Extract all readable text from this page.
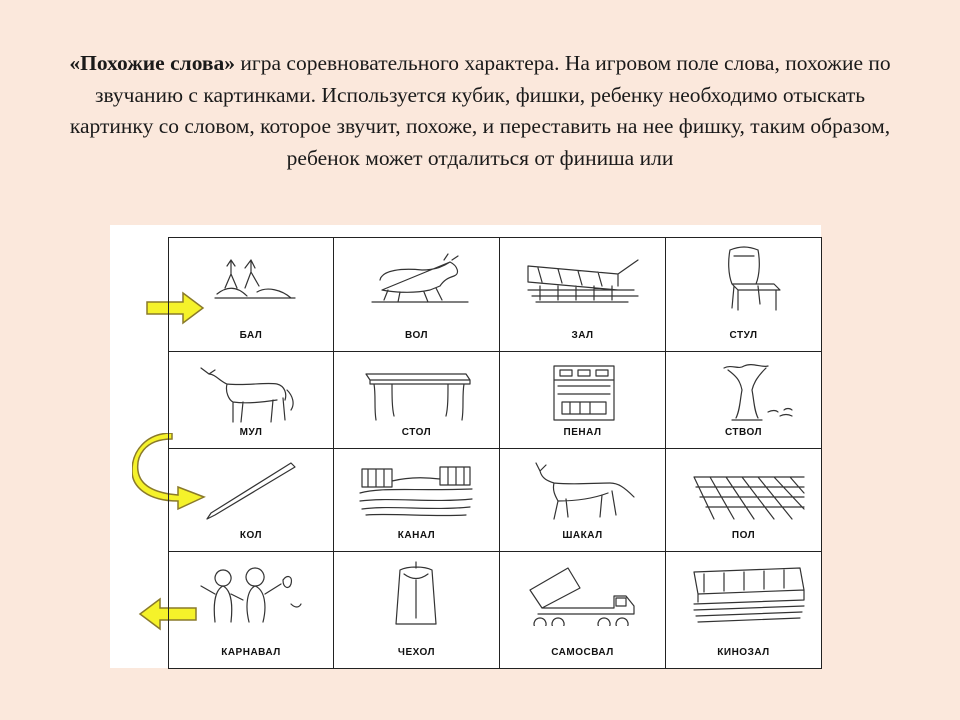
«Похожие слова» игра соревновательного характера. На игровом поле слова, похожие по звучанию с картинками. Используется кубик, фишки, ребенку необходимо отыскать картинку со словом, которое звучит, похоже, и переставить на нее фишку, таким образом, ребенок может отдалиться от финиша или
БАЛ	ВОЛ	ЗАЛ	СТУЛ
МУЛ	СТОЛ	ПЕНАЛ	СТВОЛ
КОЛ	КАНАЛ	ШАКАЛ	ПОЛ
КАРНАВАЛ	ЧЕХОЛ	САМОСВАЛ	КИНОЗАЛ
